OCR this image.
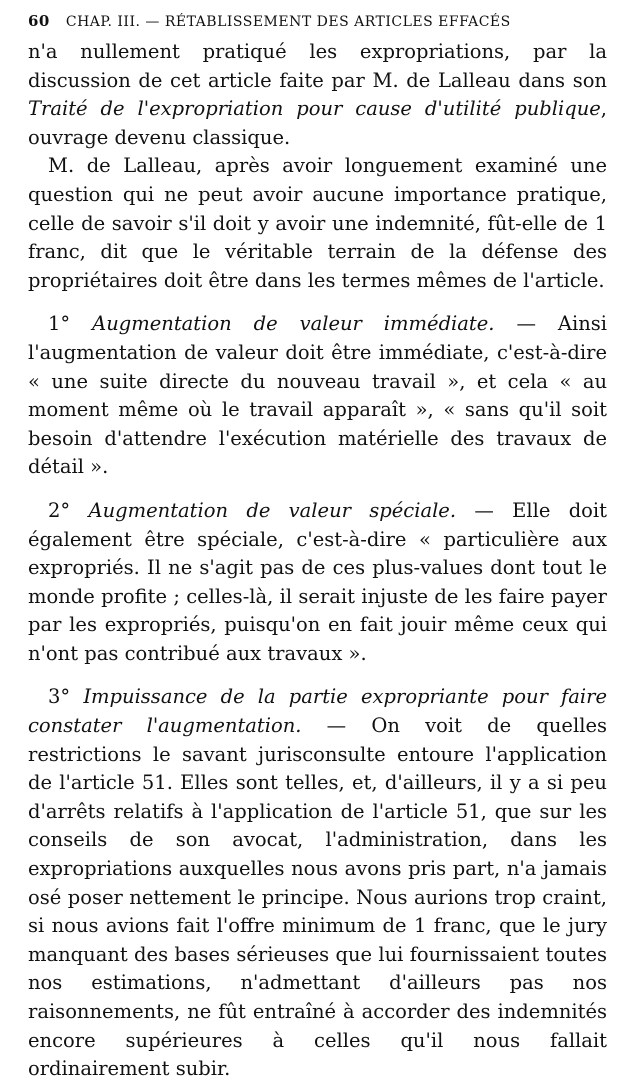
60 CHAP. III. — RÉTABLISSEMENT DES ARTICLES EFFACÉS

n'a nullement pratiqué les expropriations, par la discussion de cet article faite par M. de Lalleau dans son Traité de l'expropriation pour cause d'utilité publique, ouvrage devenu classique.

M. de Lalleau, après avoir longuement examiné une question qui ne peut avoir aucune importance pratique, celle de savoir s'il doit y avoir une indemnité, fût-elle de 1 franc, dit que le véritable terrain de la défense des propriétaires doit être dans les termes mêmes de l'article.

1° Augmentation de valeur immédiate. — Ainsi l'augmentation de valeur doit être immédiate, c'est-à-dire « une suite directe du nouveau travail », et cela « au moment même où le travail apparaît », « sans qu'il soit besoin d'attendre l'exécution matérielle des travaux de détail ».

2° Augmentation de valeur spéciale. — Elle doit également être spéciale, c'est-à-dire « particulière aux expropriés. Il ne s'agit pas de ces plus-values dont tout le monde profite ; celles-là, il serait injuste de les faire payer par les expropriés, puisqu'on en fait jouir même ceux qui n'ont pas contribué aux travaux ».

3° Impuissance de la partie expropriante pour faire constater l'augmentation. — On voit de quelles restrictions le savant jurisconsulte entoure l'application de l'article 51. Elles sont telles, et, d'ailleurs, il y a si peu d'arrêts relatifs à l'application de l'article 51, que sur les conseils de son avocat, l'administration, dans les expropriations auxquelles nous avons pris part, n'a jamais osé poser nettement le principe. Nous aurions trop craint, si nous avions fait l'offre minimum de 1 franc, que le jury manquant des bases sérieuses que lui fournissaient toutes nos estimations, n'admettant d'ailleurs pas nos raisonnements, ne fût entraîné à accorder des indemnités encore supérieures à celles qu'il nous fallait ordinairement subir.
